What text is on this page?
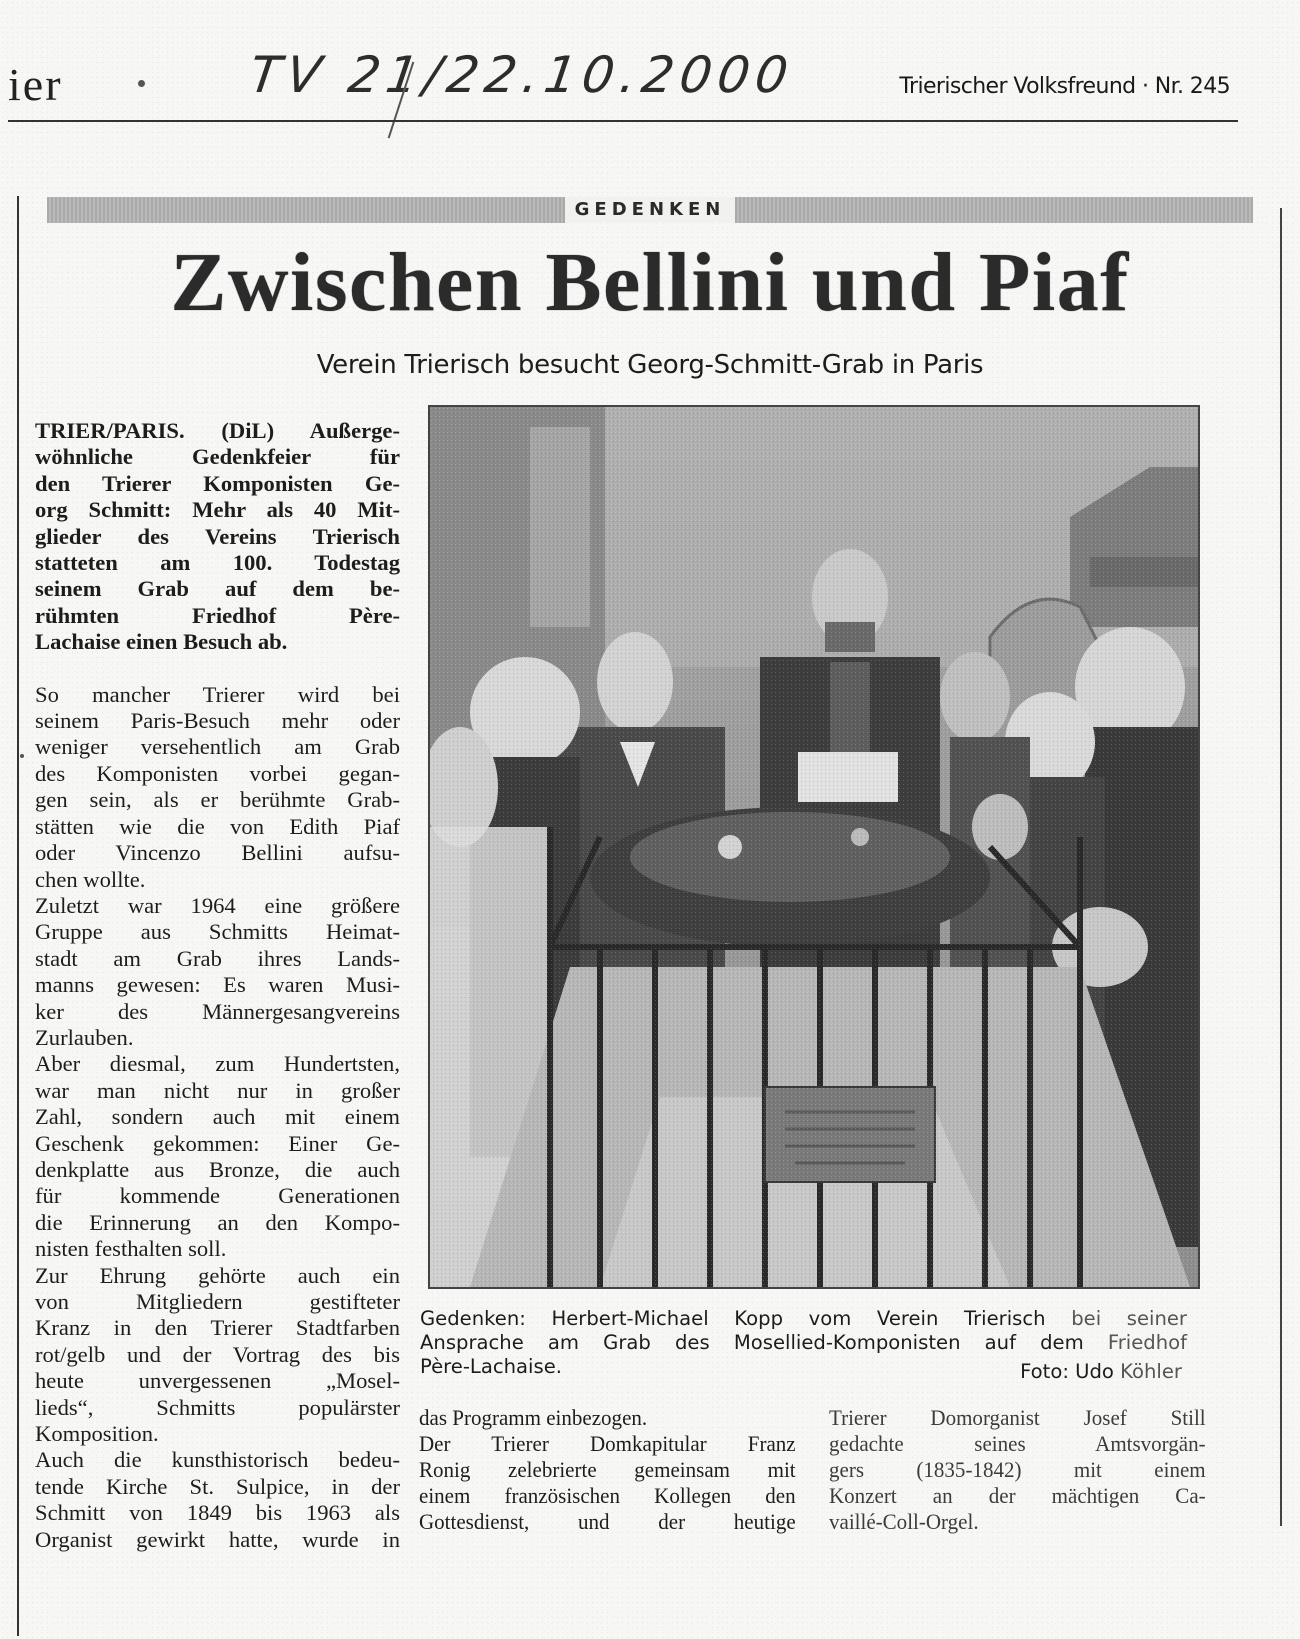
ier	TV 21/22.10.2000	Trierischer Volksfreund · Nr. 245
GEDENKEN
Zwischen Bellini und Piaf
Verein Trierisch besucht Georg-Schmitt-Grab in Paris

TRIER/PARIS. (DiL) Außerge-
wöhnliche Gedenkfeier für
den Trierer Komponisten Ge-
org Schmitt: Mehr als 40 Mit-
glieder des Vereins Trierisch
statteten am 100. Todestag
seinem Grab auf dem be-
rühmten Friedhof Père-
Lachaise einen Besuch ab.

So mancher Trierer wird bei
seinem Paris-Besuch mehr oder
weniger versehentlich am Grab
des Komponisten vorbei gegan-
gen sein, als er berühmte Grab-
stätten wie die von Edith Piaf
oder Vincenzo Bellini aufsu-
chen wollte.

Zuletzt war 1964 eine größere
Gruppe aus Schmitts Heimat-
stadt am Grab ihres Lands-
manns gewesen: Es waren Musi-
ker des Männergesangvereins
Zurlauben.

Aber diesmal, zum Hundertsten,
war man nicht nur in großer
Zahl, sondern auch mit einem
Geschenk gekommen: Einer Ge-
denkplatte aus Bronze, die auch
für kommende Generationen
die Erinnerung an den Kompo-
nisten festhalten soll.

Zur Ehrung gehörte auch ein
von Mitgliedern gestifteter
Kranz in den Trierer Stadtfarben
rot/gelb und der Vortrag des bis
heute unvergessenen „Mosel-
lieds“, Schmitts populärster
Komposition.

Auch die kunsthistorisch bedeu-
tende Kirche St. Sulpice, in der
Schmitt von 1849 bis 1963 als
Organist gewirkt hatte, wurde in

Gedenken: Herbert-Michael Kopp vom Verein Trierisch bei seiner
Ansprache am Grab des Mosellied-Komponisten auf dem Friedhof
Père-Lachaise.	Foto: Udo Köhler
das Programm einbezogen.
Der Trierer Domkapitular Franz
Ronig zelebrierte gemeinsam mit
einem französischen Kollegen den
Gottesdienst, und der heutige
Trierer Domorganist Josef Still
gedachte seines Amtsvorgän-
gers (1835-1842) mit einem
Konzert an der mächtigen Ca-
vaillé-Coll-Orgel.
